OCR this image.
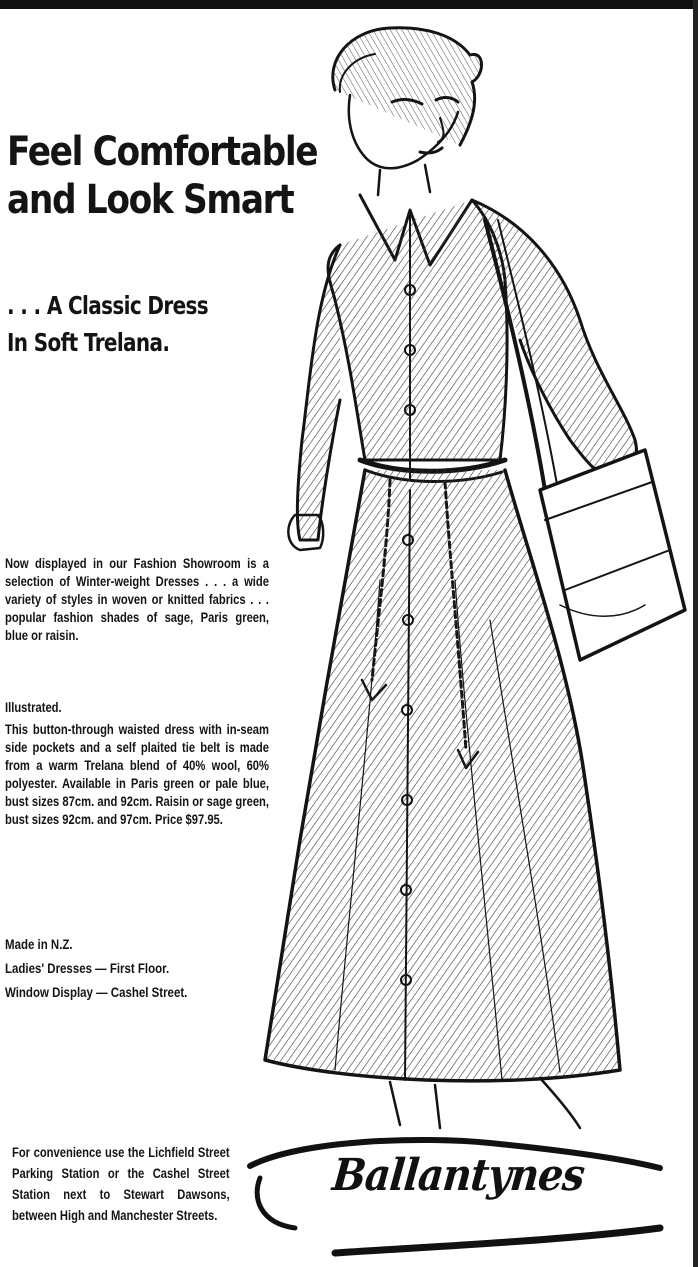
Feel Comfortable
and Look Smart
. . . A Classic Dress
In Soft Trelana.
Now displayed in our Fashion Showroom is a selection of Winter-weight Dresses . . . a wide variety of styles in woven or knitted fabrics . . . popular fashion shades of sage, Paris green, blue or raisin.
Illustrated.
This button-through waisted dress with in-seam side pockets and a self plaited tie belt is made from a warm Trelana blend of 40% wool, 60% polyester. Available in Paris green or pale blue, bust sizes 87cm. and 92cm. Raisin or sage green, bust sizes 92cm. and 97cm. Price $97.95.
Made in N.Z.
Ladies' Dresses — First Floor.
Window Display — Cashel Street.
For convenience use the Lichfield Street Parking Station or the Cashel Street Station next to Stewart Dawsons, between High and Manchester Streets.
Ballantynes
